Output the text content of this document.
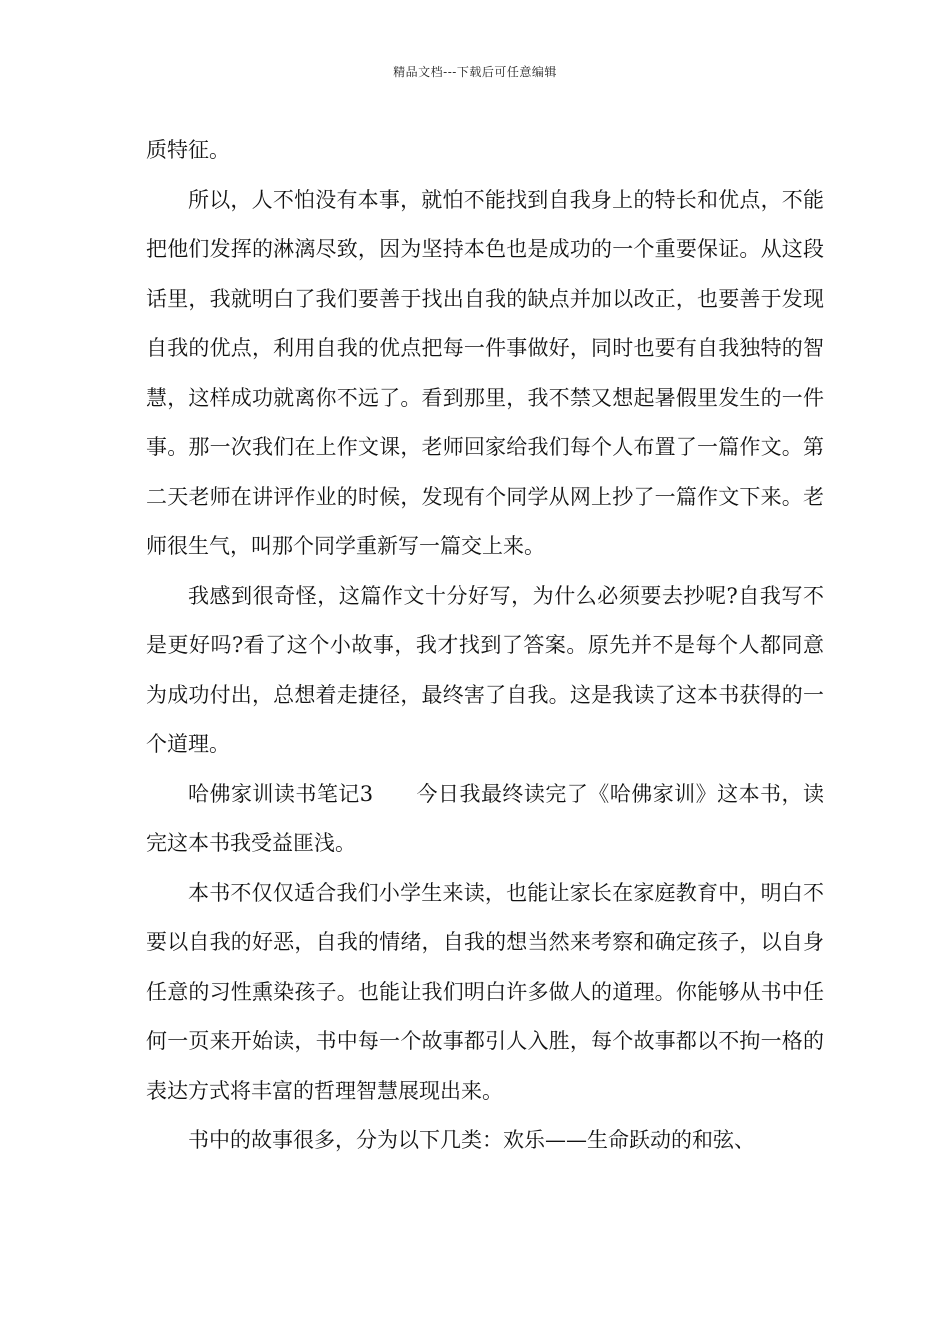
精品文档---下载后可任意编辑

质特征。

所以，人不怕没有本事，就怕不能找到自我身上的特长和优点，不能把他们发挥的淋漓尽致，因为坚持本色也是成功的一个重要保证。从这段话里，我就明白了我们要善于找出自我的缺点并加以改正，也要善于发现自我的优点，利用自我的优点把每一件事做好，同时也要有自我独特的智慧，这样成功就离你不远了。看到那里，我不禁又想起暑假里发生的一件事。那一次我们在上作文课，老师回家给我们每个人布置了一篇作文。第二天老师在讲评作业的时候，发现有个同学从网上抄了一篇作文下来。老师很生气，叫那个同学重新写一篇交上来。

我感到很奇怪，这篇作文十分好写，为什么必须要去抄呢?自我写不是更好吗?看了这个小故事，我才找到了答案。原先并不是每个人都同意为成功付出，总想着走捷径，最终害了自我。这是我读了这本书获得的一个道理。

哈佛家训读书笔记3　　今日我最终读完了《哈佛家训》这本书，读完这本书我受益匪浅。

本书不仅仅适合我们小学生来读，也能让家长在家庭教育中，明白不要以自我的好恶，自我的情绪，自我的想当然来考察和确定孩子，以自身任意的习性熏染孩子。也能让我们明白许多做人的道理。你能够从书中任何一页来开始读，书中每一个故事都引人入胜，每个故事都以不拘一格的表达方式将丰富的哲理智慧展现出来。

书中的故事很多，分为以下几类：欢乐——生命跃动的和弦、
